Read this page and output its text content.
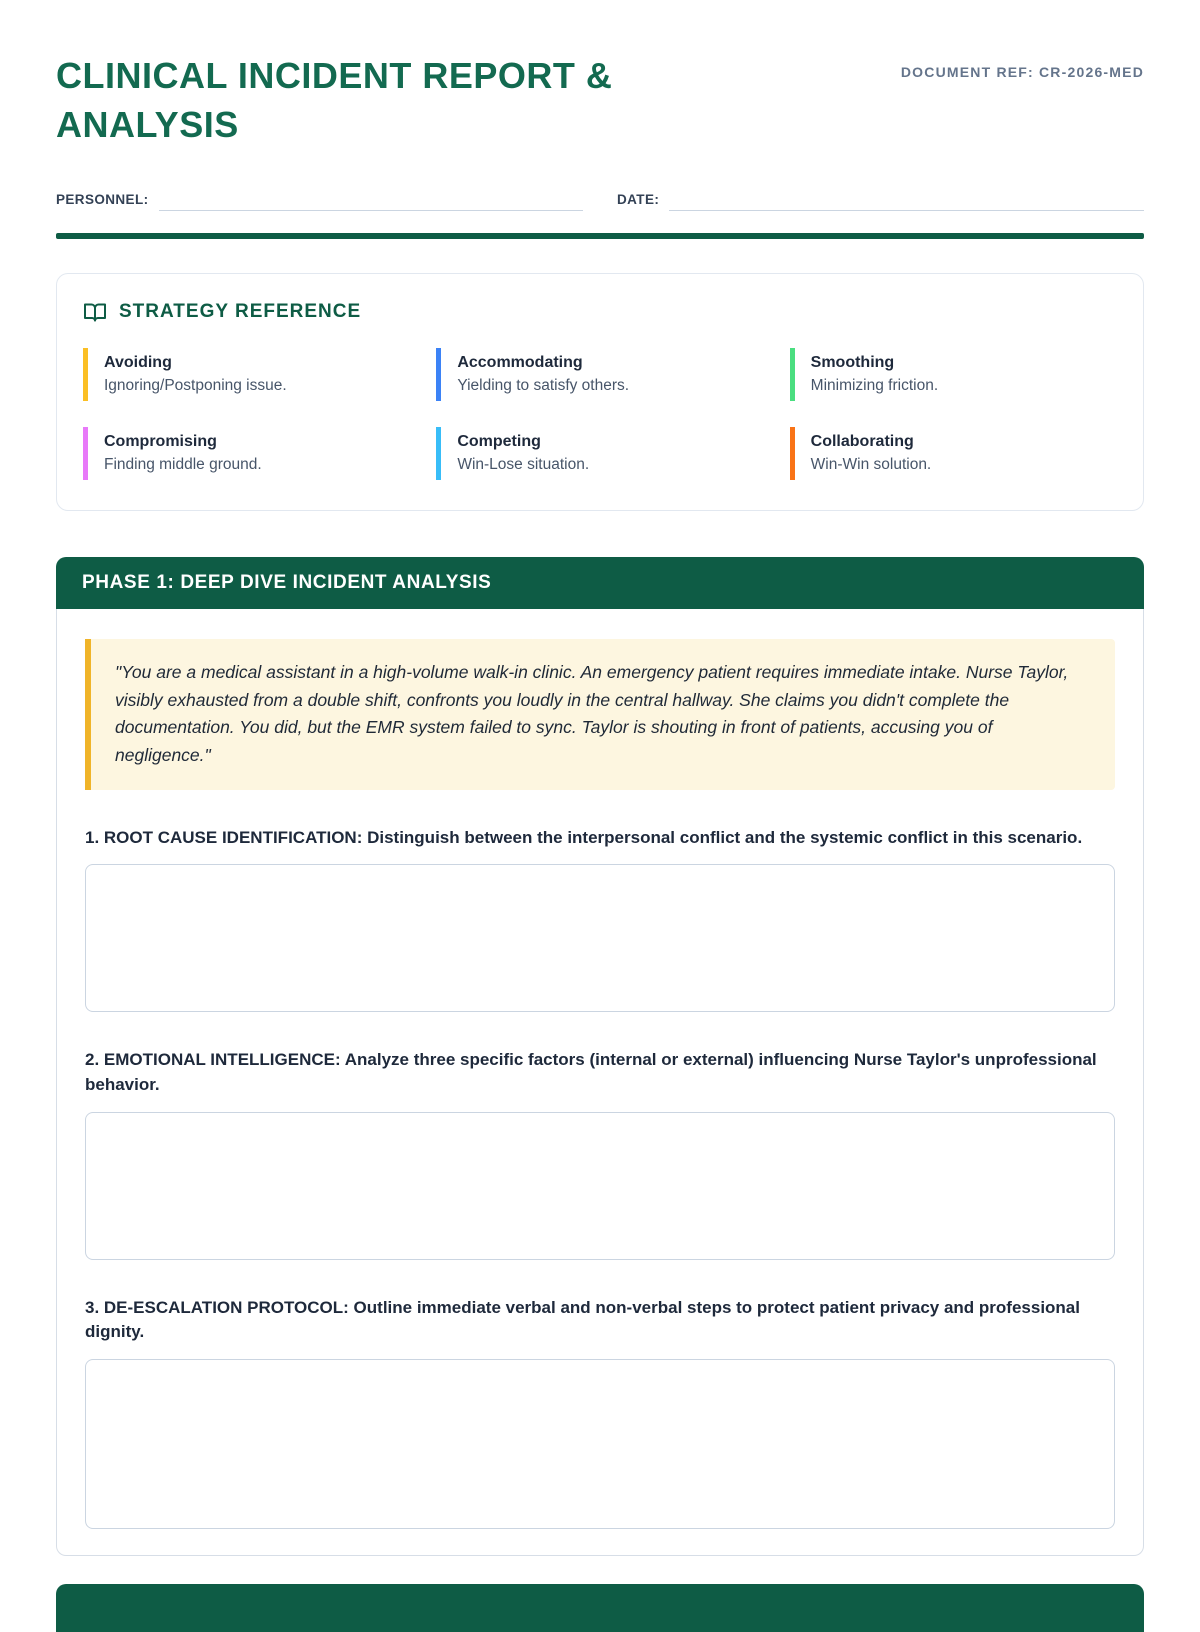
CLINICAL INCIDENT REPORT & ANALYSIS
DOCUMENT REF: CR-2026-MED
PERSONNEL:	DATE:
STRATEGY REFERENCE
Avoiding
Ignoring/Postponing issue.
Accommodating
Yielding to satisfy others.
Smoothing
Minimizing friction.
Compromising
Finding middle ground.
Competing
Win-Lose situation.
Collaborating
Win-Win solution.
PHASE 1: DEEP DIVE INCIDENT ANALYSIS
"You are a medical assistant in a high-volume walk-in clinic. An emergency patient requires immediate intake. Nurse Taylor, visibly exhausted from a double shift, confronts you loudly in the central hallway. She claims you didn't complete the documentation. You did, but the EMR system failed to sync. Taylor is shouting in front of patients, accusing you of negligence."
1. ROOT CAUSE IDENTIFICATION: Distinguish between the interpersonal conflict and the systemic conflict in this scenario.
2. EMOTIONAL INTELLIGENCE: Analyze three specific factors (internal or external) influencing Nurse Taylor's unprofessional behavior.
3. DE-ESCALATION PROTOCOL: Outline immediate verbal and non-verbal steps to protect patient privacy and professional dignity.
